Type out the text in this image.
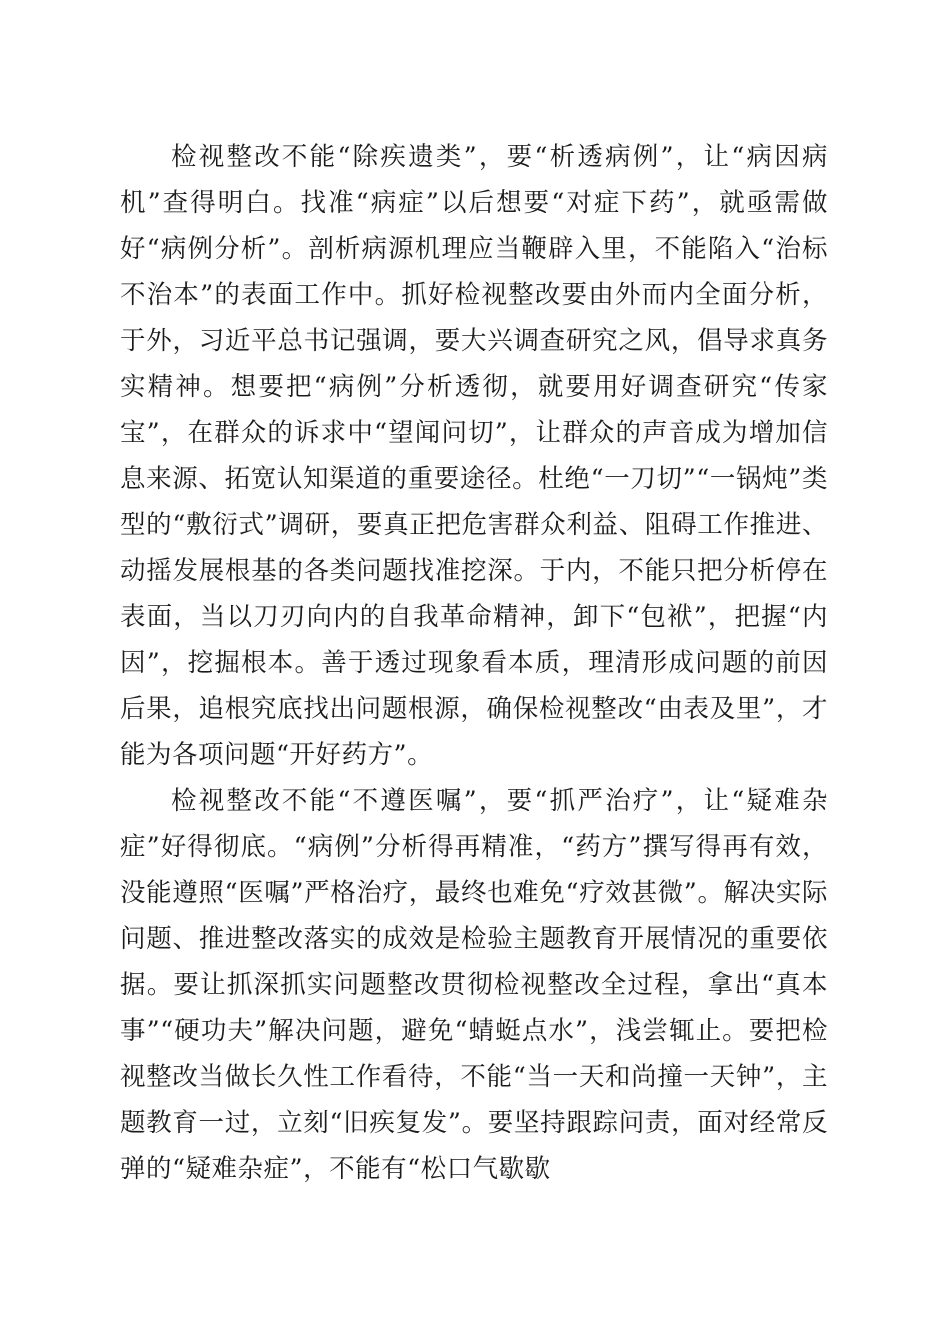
检视整改不能“除疾遗类”，要“析透病例”，让“病因病机”查得明白。找准“病症”以后想要“对症下药”，就亟需做好“病例分析”。剖析病源机理应当鞭辟入里，不能陷入“治标不治本”的表面工作中。抓好检视整改要由外而内全面分析，于外，习近平总书记强调，要大兴调查研究之风，倡导求真务实精神。想要把“病例”分析透彻，就要用好调查研究“传家宝”，在群众的诉求中“望闻问切”，让群众的声音成为增加信息来源、拓宽认知渠道的重要途径。杜绝“一刀切”“一锅炖”类型的“敷衍式”调研，要真正把危害群众利益、阻碍工作推进、动摇发展根基的各类问题找准挖深。于内，不能只把分析停在表面，当以刀刃向内的自我革命精神，卸下“包袱”，把握“内因”，挖掘根本。善于透过现象看本质，理清形成问题的前因后果，追根究底找出问题根源，确保检视整改“由表及里”，才能为各项问题“开好药方”。

检视整改不能“不遵医嘱”，要“抓严治疗”，让“疑难杂症”好得彻底。“病例”分析得再精准，“药方”撰写得再有效，没能遵照“医嘱”严格治疗，最终也难免“疗效甚微”。解决实际问题、推进整改落实的成效是检验主题教育开展情况的重要依据。要让抓深抓实问题整改贯彻检视整改全过程，拿出“真本事”“硬功夫”解决问题，避免“蜻蜓点水”，浅尝辄止。要把检视整改当做长久性工作看待，不能“当一天和尚撞一天钟”，主题教育一过，立刻“旧疾复发”。要坚持跟踪问责，面对经常反弹的“疑难杂症”，不能有“松口气歇歇
